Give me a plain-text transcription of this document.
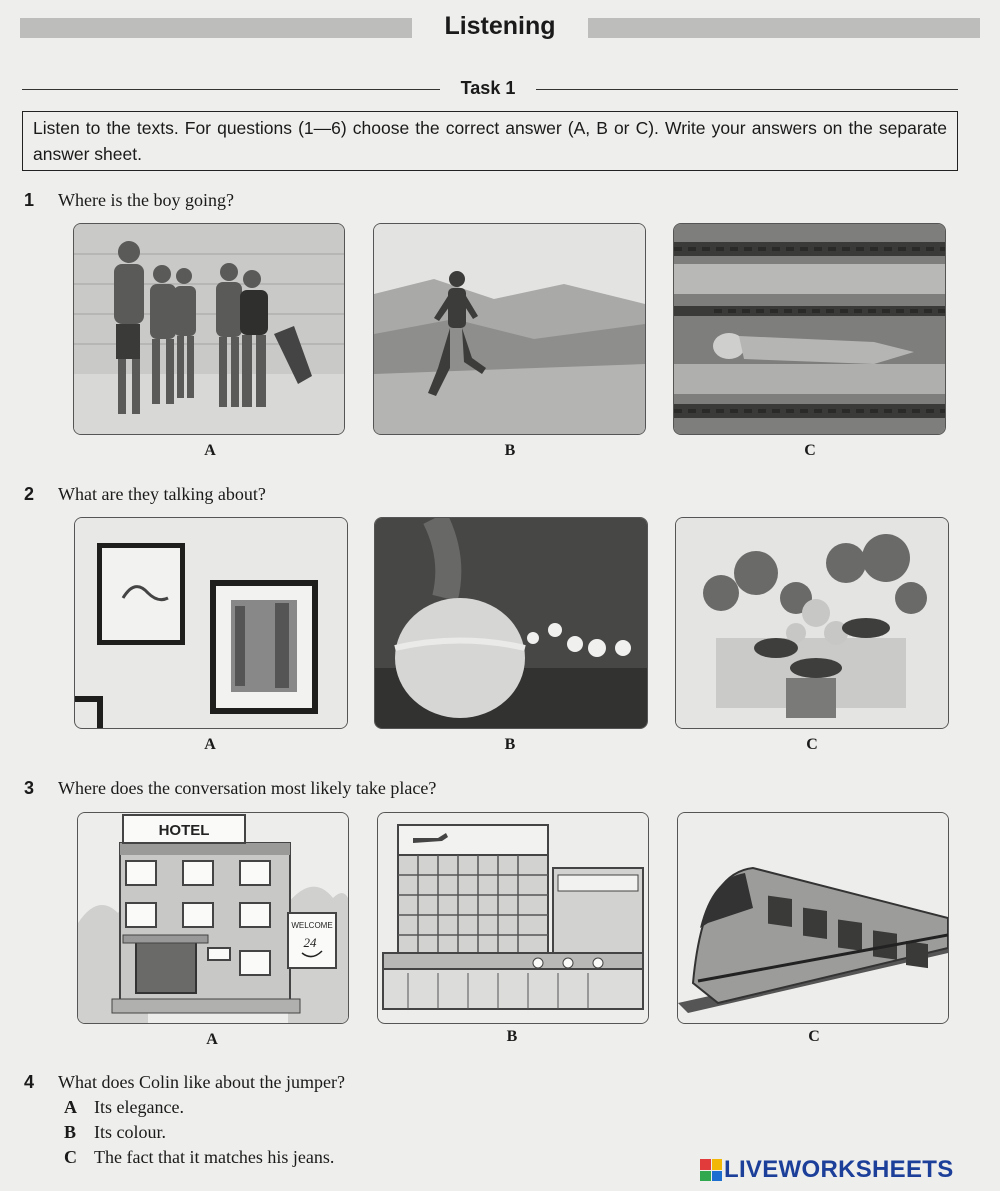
Listening
Task 1
Listen to the texts. For questions (1—6) choose the correct answer (A, B or C). Write your answers on the separate answer sheet.
1 Where is the boy going?
A	B	C
2 What are they talking about?
A	B	C
3 Where does the conversation most likely take place?
HOTEL
WELCOME
24
A	B	C
4 What does Colin like about the jumper?
A Its elegance.
B Its colour.
C The fact that it matches his jeans.	LIVEWORKSHEETS
